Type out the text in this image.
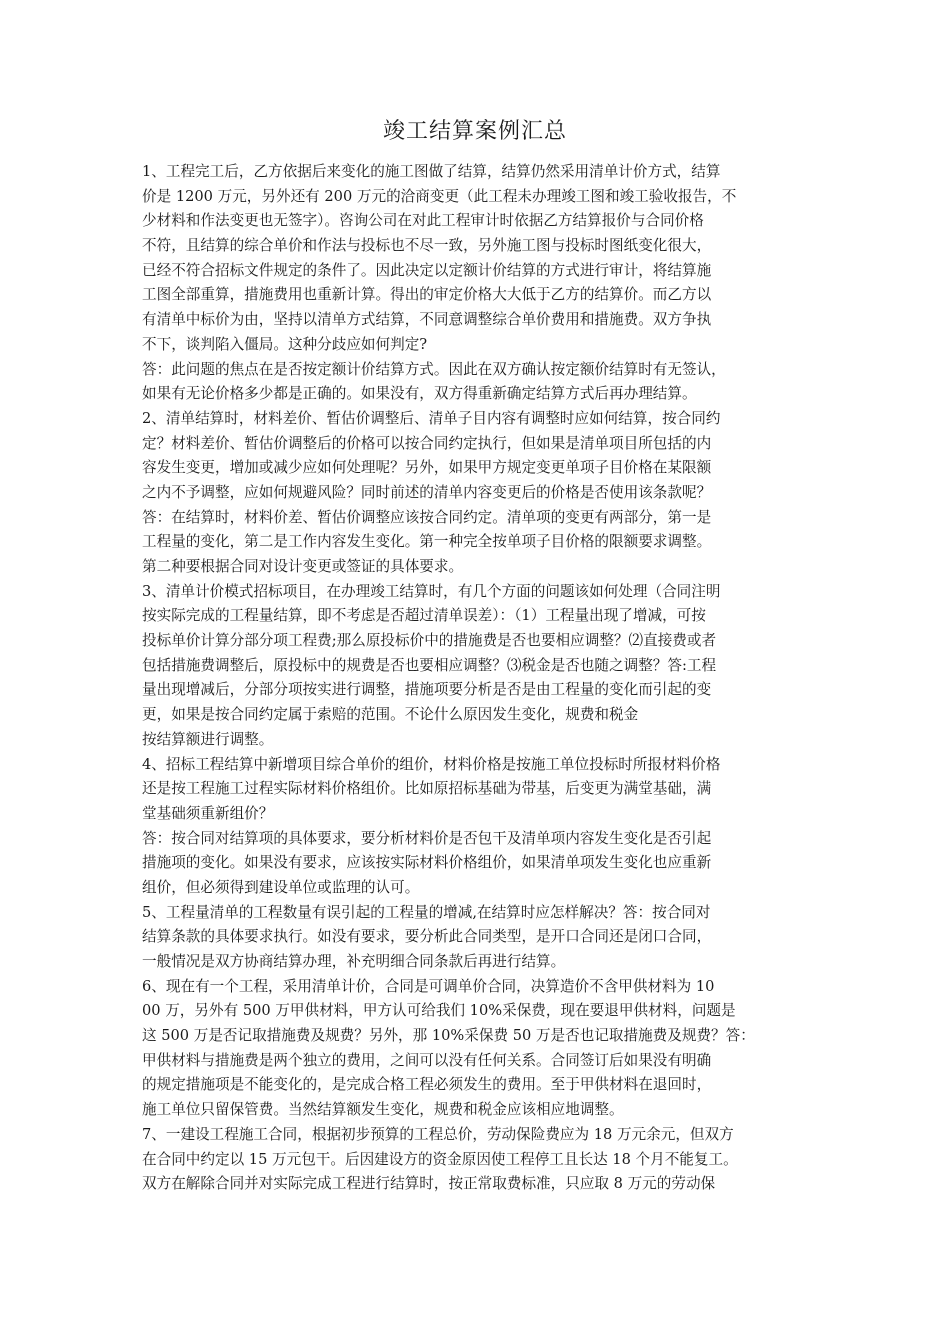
竣工结算案例汇总
1、工程完工后，乙方依据后来变化的施工图做了结算，结算仍然采用清单计价方式，结算
价是 1200 万元，另外还有 200 万元的洽商变更（此工程未办理竣工图和竣工验收报告，不
少材料和作法变更也无签字）。咨询公司在对此工程审计时依据乙方结算报价与合同价格
不符，且结算的综合单价和作法与投标也不尽一致，另外施工图与投标时图纸变化很大，
已经不符合招标文件规定的条件了。因此决定以定额计价结算的方式进行审计，将结算施
工图全部重算，措施费用也重新计算。得出的审定价格大大低于乙方的结算价。而乙方以
有清单中标价为由，坚持以清单方式结算，不同意调整综合单价费用和措施费。双方争执
不下，谈判陷入僵局。这种分歧应如何判定?
答：此问题的焦点在是否按定额计价结算方式。因此在双方确认按定额价结算时有无签认，
如果有无论价格多少都是正确的。如果没有，双方得重新确定结算方式后再办理结算。
2、清单结算时，材料差价、暂估价调整后、清单子目内容有调整时应如何结算，按合同约
定？材料差价、暂估价调整后的价格可以按合同约定执行，但如果是清单项目所包括的内
容发生变更，增加或减少应如何处理呢？另外，如果甲方规定变更单项子目价格在某限额
之内不予调整，应如何规避风险？同时前述的清单内容变更后的价格是否使用该条款呢？
答：在结算时，材料价差、暂估价调整应该按合同约定。清单项的变更有两部分，第一是
工程量的变化，第二是工作内容发生变化。第一种完全按单项子目价格的限额要求调整。
第二种要根据合同对设计变更或签证的具体要求。
3、清单计价模式招标项目，在办理竣工结算时，有几个方面的问题该如何处理（合同注明
按实际完成的工程量结算，即不考虑是否超过清单误差）：（1）工程量出现了增减，可按
投标单价计算分部分项工程费;那么原投标价中的措施费是否也要相应调整？⑵直接费或者
包括措施费调整后，原投标中的规费是否也要相应调整？⑶税金是否也随之调整？答:工程
量出现增减后，分部分项按实进行调整，措施项要分析是否是由工程量的变化而引起的变
更，如果是按合同约定属于索赔的范围。不论什么原因发生变化，规费和税金
按结算额进行调整。
4、招标工程结算中新增项目综合单价的组价，材料价格是按施工单位投标时所报材料价格
还是按工程施工过程实际材料价格组价。比如原招标基础为带基，后变更为满堂基础，满
堂基础须重新组价？
答：按合同对结算项的具体要求，要分析材料价是否包干及清单项内容发生变化是否引起
措施项的变化。如果没有要求，应该按实际材料价格组价，如果清单项发生变化也应重新
组价，但必须得到建设单位或监理的认可。
5、工程量清单的工程数量有误引起的工程量的增减,在结算时应怎样解决？答：按合同对
结算条款的具体要求执行。如没有要求，要分析此合同类型，是开口合同还是闭口合同，
一般情况是双方协商结算办理，补充明细合同条款后再进行结算。
6、现在有一个工程，采用清单计价，合同是可调单价合同，决算造价不含甲供材料为 10
00 万，另外有 500 万甲供材料，甲方认可给我们 10%采保费，现在要退甲供材料，问题是
这 500 万是否记取措施费及规费？另外，那 10%采保费 50 万是否也记取措施费及规费？答：
甲供材料与措施费是两个独立的费用，之间可以没有任何关系。合同签订后如果没有明确
的规定措施项是不能变化的，是完成合格工程必须发生的费用。至于甲供材料在退回时，
施工单位只留保管费。当然结算额发生变化，规费和税金应该相应地调整。
7、一建设工程施工合同，根据初步预算的工程总价，劳动保险费应为 18 万元余元，但双方
在合同中约定以 15 万元包干。后因建设方的资金原因使工程停工且长达 18 个月不能复工。
双方在解除合同并对实际完成工程进行结算时，按正常取费标准，只应取 8 万元的劳动保
